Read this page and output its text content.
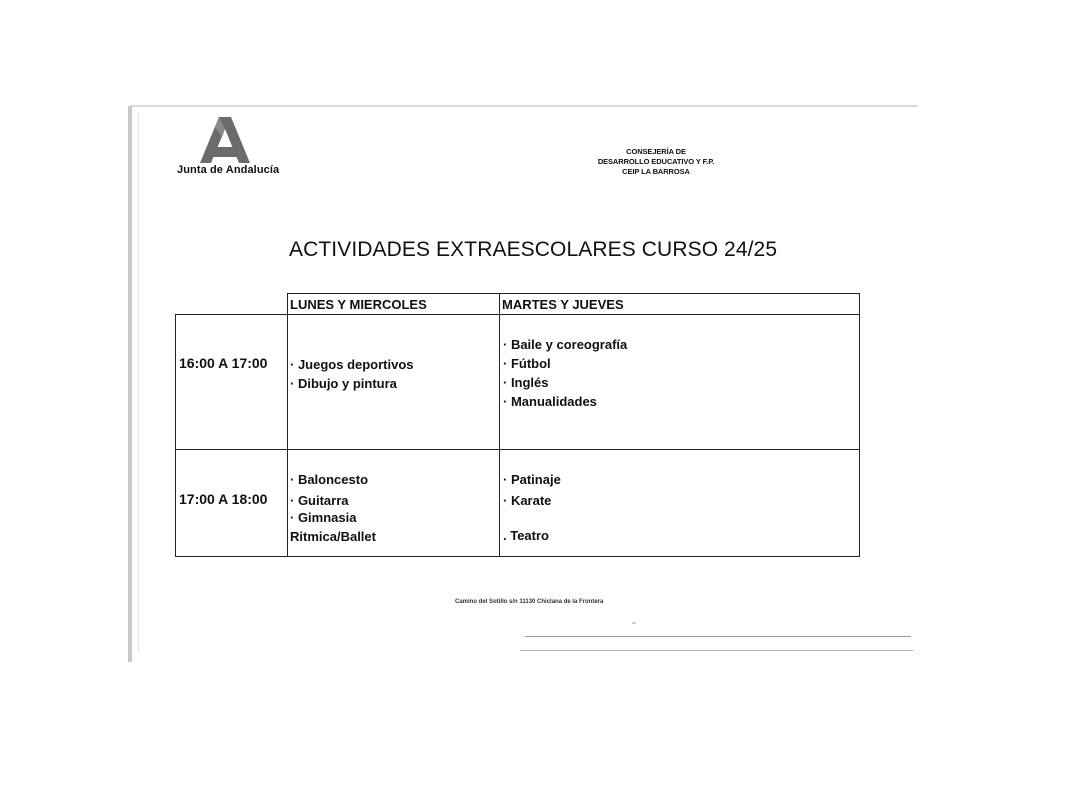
Junta de Andalucía
CONSEJERÍA DE
DESARROLLO EDUCATIVO Y F.P.
CEIP LA BARROSA
ACTIVIDADES EXTRAESCOLARES CURSO 24/25
LUNES Y MIERCOLES	MARTES Y JUEVES
16:00 A 17:00 · Juegos deportivos
· Dibujo y pintura
· Baile y coreografía
· Fútbol
· Inglés
· Manualidades
17:00 A 18:00
· Baloncesto
· Guitarra
· Gimnasia
Ritmica/Ballet
· Patinaje
· Karate
. Teatro
Camino del Sotillo s/n 11130 Chiclana de la Frontera
